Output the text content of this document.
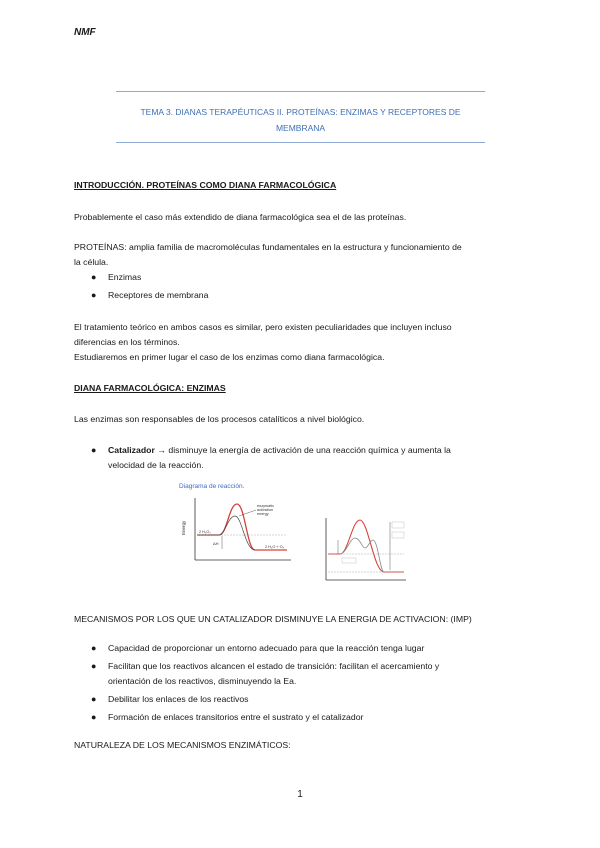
NMF
TEMA 3. DIANAS TERAPÉUTICAS II. PROTEÍNAS: ENZIMAS Y RECEPTORES DE
MEMBRANA
INTRODUCCIÓN. PROTEÍNAS COMO DIANA FARMACOLÓGICA
Probablemente el caso más extendido de diana farmacológica sea el de las proteínas.
PROTEÍNAS: amplia familia de macromoléculas fundamentales en la estructura y funcionamiento de
la célula.
● Enzimas
● Receptores de membrana
El tratamiento teórico en ambos casos es similar, pero existen peculiaridades que incluyen incluso
diferencias en los términos.
Estudiaremos en primer lugar el caso de los enzimas como diana farmacológica.
DIANA FARMACOLÓGICA: ENZIMAS
Las enzimas son responsables de los procesos catalíticos a nivel biológico.
● Catalizador → disminuye la energía de activación de una reacción química y aumenta la
velocidad de la reacción.
Diagrama de reacción.
Energy	2 H₂O₂
2 H₂O + O₂
enzymatic
activation
energy
ΔH
MECANISMOS POR LOS QUE UN CATALIZADOR DISMINUYE LA ENERGIA DE ACTIVACION: (IMP)
● Capacidad de proporcionar un entorno adecuado para que la reacción tenga lugar
● Facilitan que los reactivos alcancen el estado de transición: facilitan el acercamiento y
orientación de los reactivos, disminuyendo la Ea.
● Debilitar los enlaces de los reactivos
● Formación de enlaces transitorios entre el sustrato y el catalizador
NATURALEZA DE LOS MECANISMOS ENZIMÁTICOS:
1
